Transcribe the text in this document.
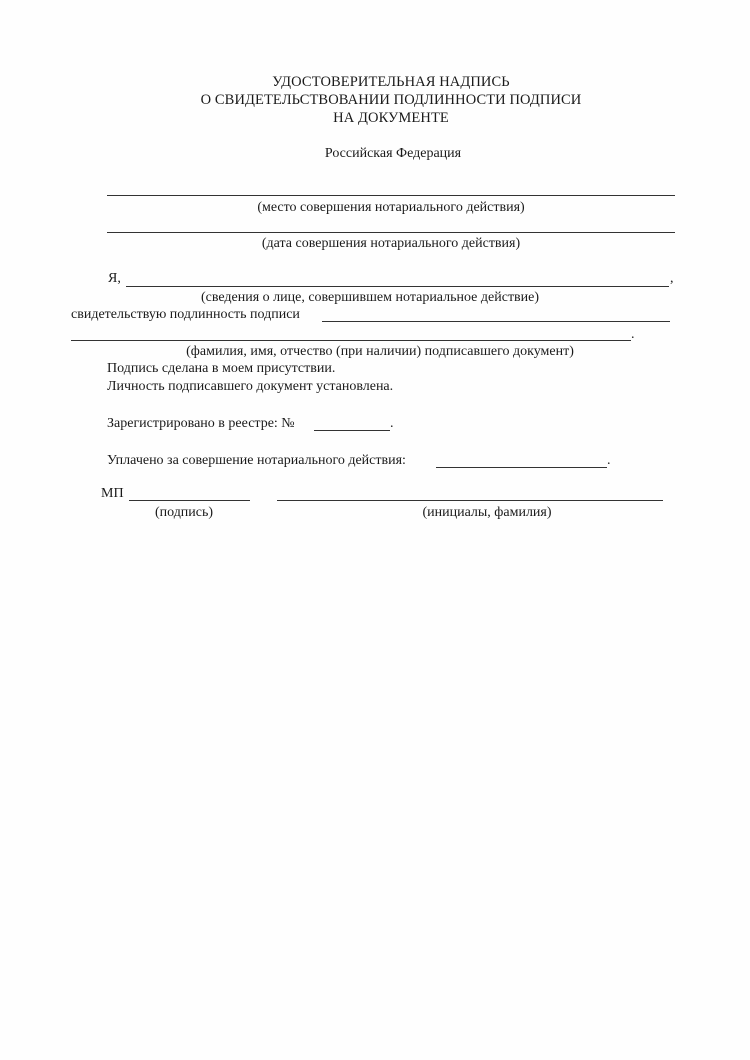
УДОСТОВЕРИТЕЛЬНАЯ НАДПИСЬ
О СВИДЕТЕЛЬСТВОВАНИИ ПОДЛИННОСТИ ПОДПИСИ
НА ДОКУМЕНТЕ
Российская Федерация
(место совершения нотариального действия)
(дата совершения нотариального действия)
Я,	,
(сведения о лице, совершившем нотариальное действие)
свидетельствую подлинность подписи
.
(фамилия, имя, отчество (при наличии) подписавшего документ)
Подпись сделана в моем присутствии.
Личность подписавшего документ установлена.
Зарегистрировано в реестре: №	.
Уплачено за совершение нотариального действия:	.
МП
(подпись)	(инициалы, фамилия)
